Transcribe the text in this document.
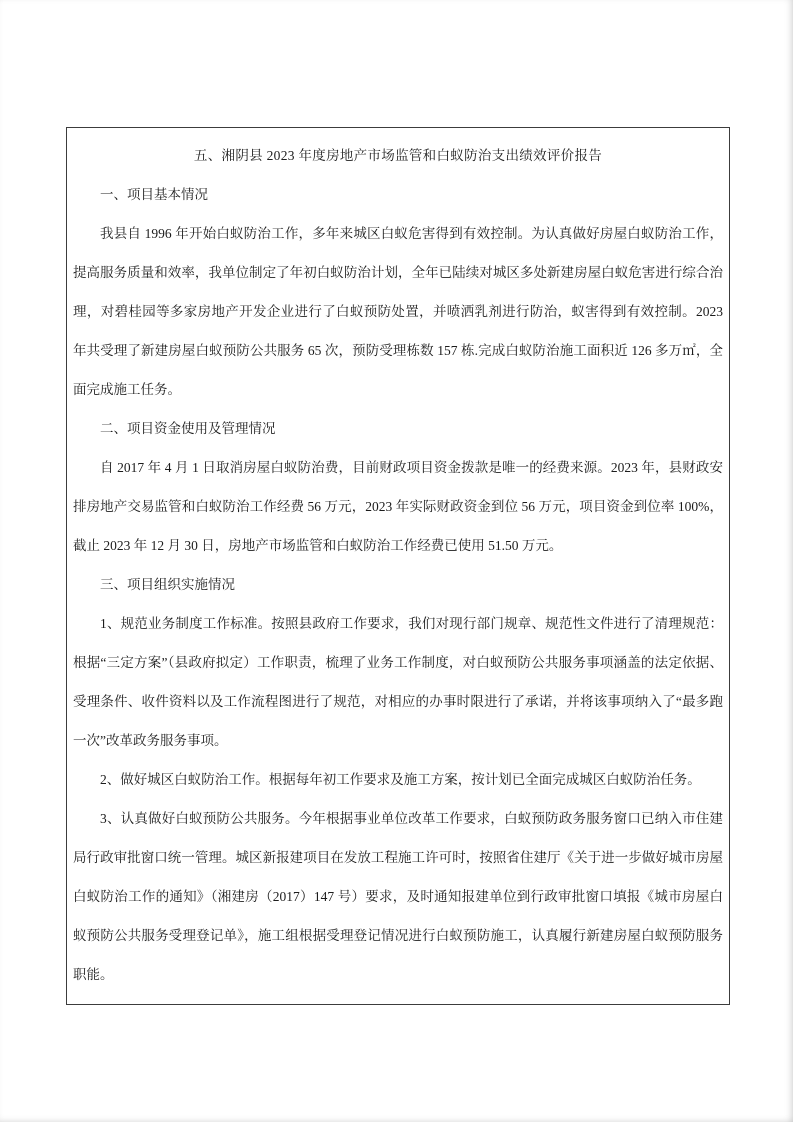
五、湘阴县 2023 年度房地产市场监管和白蚁防治支出绩效评价报告

一、项目基本情况

我县自 1996 年开始白蚁防治工作，多年来城区白蚁危害得到有效控制。为认真做好房屋白蚁防治工作，提高服务质量和效率，我单位制定了年初白蚁防治计划，全年已陆续对城区多处新建房屋白蚁危害进行综合治理，对碧桂园等多家房地产开发企业进行了白蚁预防处置，并喷洒乳剂进行防治，蚁害得到有效控制。2023 年共受理了新建房屋白蚁预防公共服务 65 次，预防受理栋数 157 栋.完成白蚁防治施工面积近 126 多万㎡，全面完成施工任务。

二、项目资金使用及管理情况

自 2017 年 4 月 1 日取消房屋白蚁防治费，目前财政项目资金拨款是唯一的经费来源。2023 年，县财政安排房地产交易监管和白蚁防治工作经费 56 万元，2023 年实际财政资金到位 56 万元，项目资金到位率 100%，截止 2023 年 12 月 30 日，房地产市场监管和白蚁防治工作经费已使用 51.50 万元。

三、项目组织实施情况

1、规范业务制度工作标准。按照县政府工作要求，我们对现行部门规章、规范性文件进行了清理规范：根据“三定方案”（县政府拟定）工作职责，梳理了业务工作制度，对白蚁预防公共服务事项涵盖的法定依据、受理条件、收件资料以及工作流程图进行了规范，对相应的办事时限进行了承诺，并将该事项纳入了“最多跑一次”改革政务服务事项。

2、做好城区白蚁防治工作。根据每年初工作要求及施工方案，按计划已全面完成城区白蚁防治任务。

3、认真做好白蚁预防公共服务。今年根据事业单位改革工作要求，白蚁预防政务服务窗口已纳入市住建局行政审批窗口统一管理。城区新报建项目在发放工程施工许可时，按照省住建厅《关于进一步做好城市房屋白蚁防治工作的通知》（湘建房（2017）147 号）要求，及时通知报建单位到行政审批窗口填报《城市房屋白蚁预防公共服务受理登记单》，施工组根据受理登记情况进行白蚁预防施工，认真履行新建房屋白蚁预防服务职能。
